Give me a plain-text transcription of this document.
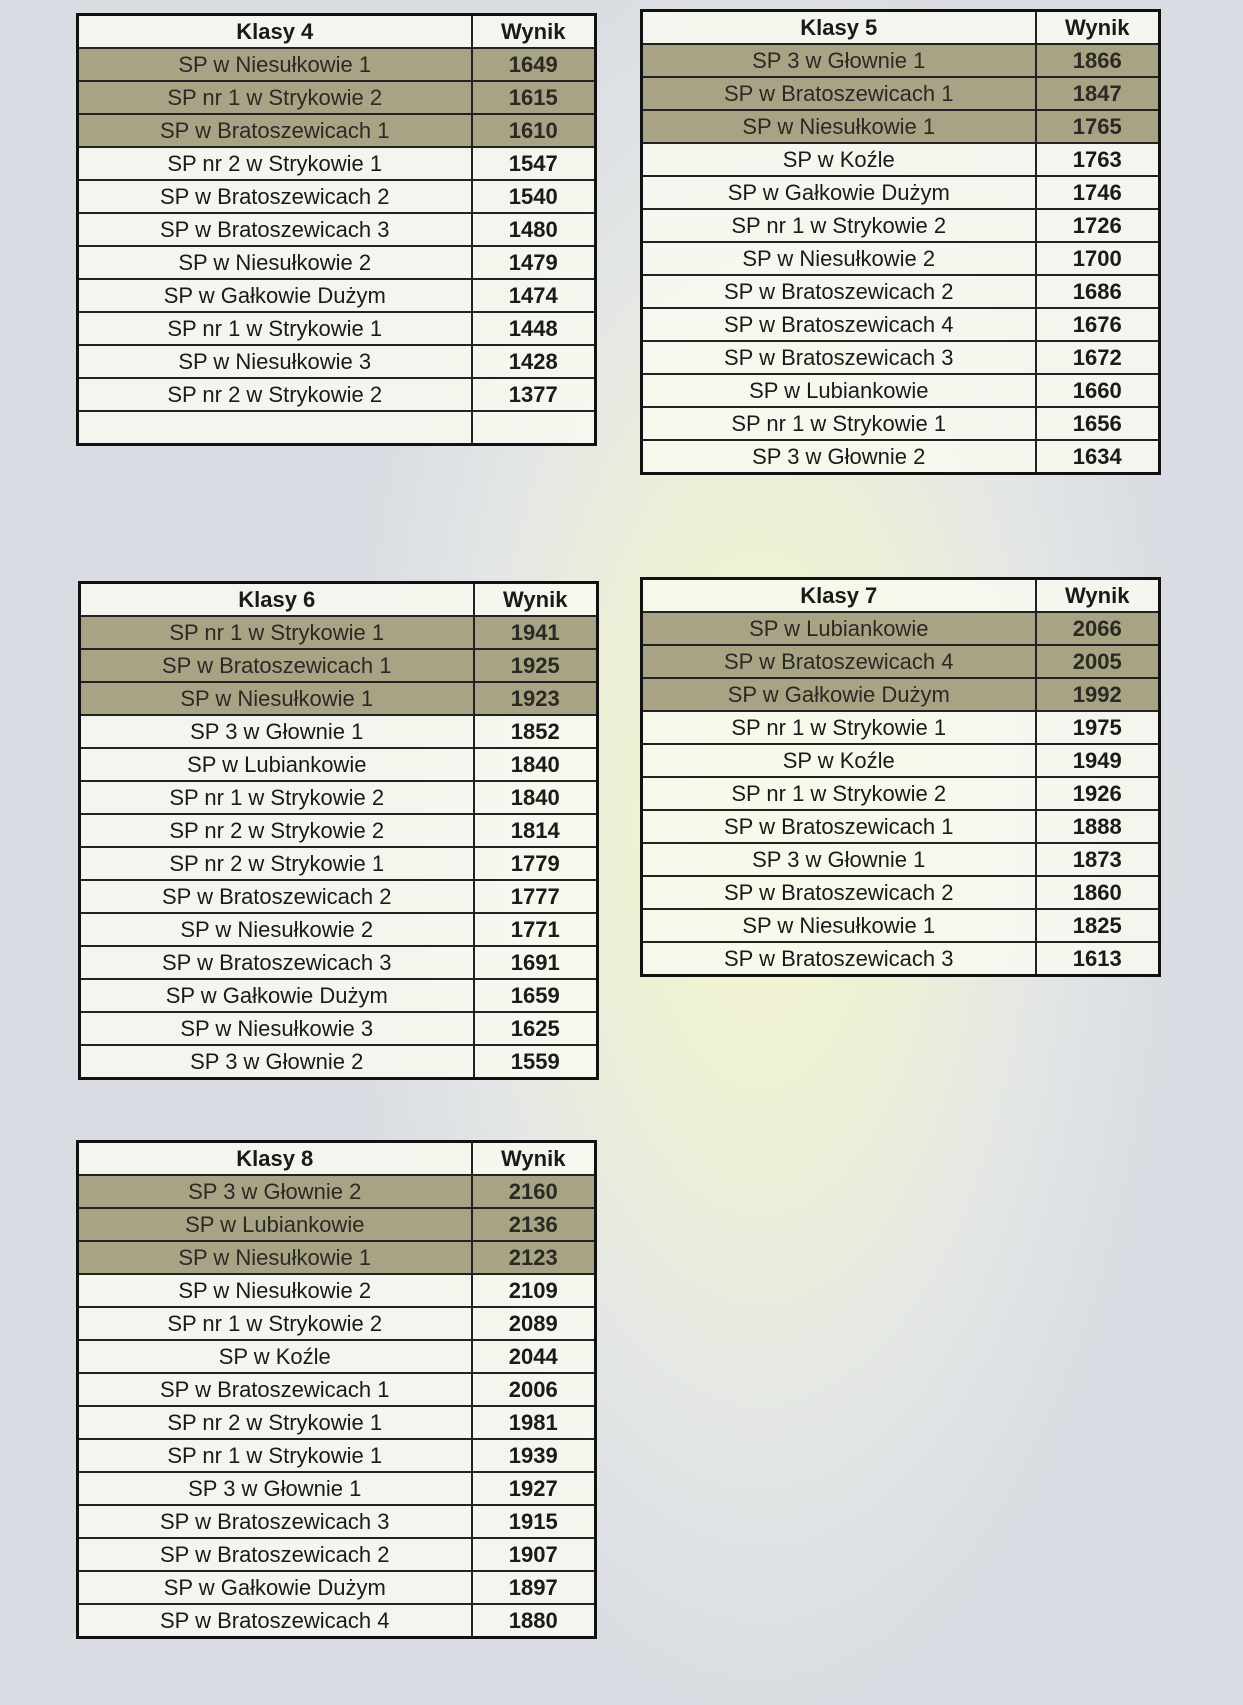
Klasy 4	Wynik
SP w Niesułkowie 1	1649
SP nr 1 w Strykowie 2	1615
SP w Bratoszewicach 1	1610
SP nr 2 w Strykowie 1	1547
SP w Bratoszewicach 2	1540
SP w Bratoszewicach 3	1480
SP w Niesułkowie 2	1479
SP w Gałkowie Dużym	1474
SP nr 1 w Strykowie 1	1448
SP w Niesułkowie 3	1428
SP nr 2 w Strykowie 2	1377

Klasy 5	Wynik
SP 3 w Głownie 1	1866
SP w Bratoszewicach 1	1847
SP w Niesułkowie 1	1765
SP w Koźle	1763
SP w Gałkowie Dużym	1746
SP nr 1 w Strykowie 2	1726
SP w Niesułkowie 2	1700
SP w Bratoszewicach 2	1686
SP w Bratoszewicach 4	1676
SP w Bratoszewicach 3	1672
SP w Lubiankowie	1660
SP nr 1 w Strykowie 1	1656
SP 3 w Głownie 2	1634
Klasy 6	Wynik
SP nr 1 w Strykowie 1	1941
SP w Bratoszewicach 1	1925
SP w Niesułkowie 1	1923
SP 3 w Głownie 1	1852
SP w Lubiankowie	1840
SP nr 1 w Strykowie 2	1840
SP nr 2 w Strykowie 2	1814
SP nr 2 w Strykowie 1	1779
SP w Bratoszewicach 2	1777
SP w Niesułkowie 2	1771
SP w Bratoszewicach 3	1691
SP w Gałkowie Dużym	1659
SP w Niesułkowie 3	1625
SP 3 w Głownie 2	1559
Klasy 7	Wynik
SP w Lubiankowie	2066
SP w Bratoszewicach 4	2005
SP w Gałkowie Dużym	1992
SP nr 1 w Strykowie 1	1975
SP w Koźle	1949
SP nr 1 w Strykowie 2	1926
SP w Bratoszewicach 1	1888
SP 3 w Głownie 1	1873
SP w Bratoszewicach 2	1860
SP w Niesułkowie 1	1825
SP w Bratoszewicach 3	1613
Klasy 8	Wynik
SP 3 w Głownie 2	2160
SP w Lubiankowie	2136
SP w Niesułkowie 1	2123
SP w Niesułkowie 2	2109
SP nr 1 w Strykowie 2	2089
SP w Koźle	2044
SP w Bratoszewicach 1	2006
SP nr 2 w Strykowie 1	1981
SP nr 1 w Strykowie 1	1939
SP 3 w Głownie 1	1927
SP w Bratoszewicach 3	1915
SP w Bratoszewicach 2	1907
SP w Gałkowie Dużym	1897
SP w Bratoszewicach 4	1880
